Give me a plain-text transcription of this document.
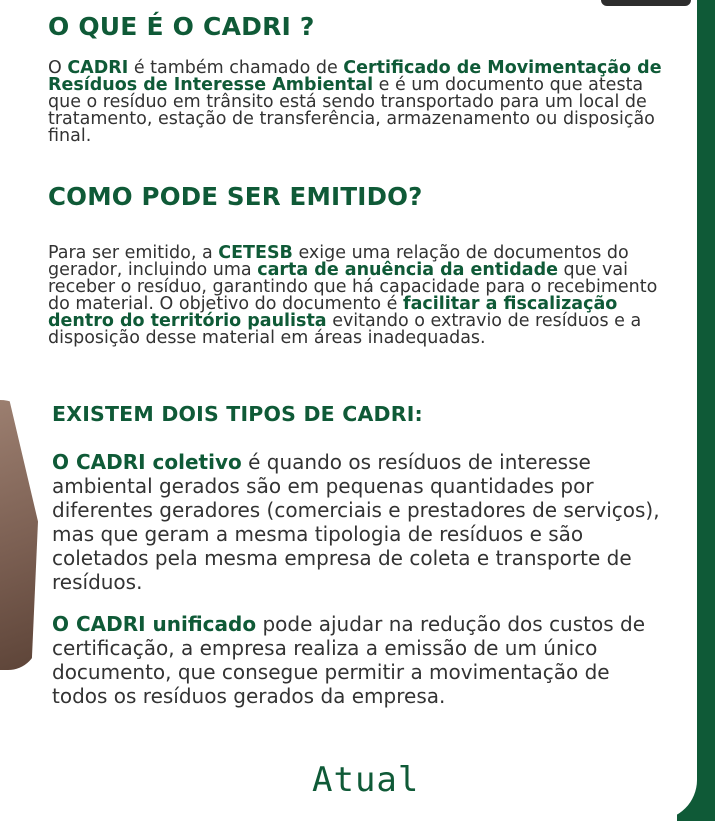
O QUE É O CADRI ?

O CADRI é também chamado de Certificado de Movimentação de Resíduos de Interesse Ambiental e é um documento que atesta que o resíduo em trânsito está sendo transportado para um local de tratamento, estação de transferência, armazenamento ou disposição final.

COMO PODE SER EMITIDO?

Para ser emitido, a CETESB exige uma relação de documentos do gerador, incluindo uma carta de anuência da entidade que vai receber o resíduo, garantindo que há capacidade para o recebimento do material. O objetivo do documento é facilitar a fiscalização dentro do território paulista evitando o extravio de resíduos e a disposição desse material em áreas inadequadas.

EXISTEM DOIS TIPOS DE CADRI:

O CADRI coletivo é quando os resíduos de interesse ambiental gerados são em pequenas quantidades por diferentes geradores (comerciais e prestadores de serviços), mas que geram a mesma tipologia de resíduos e são coletados pela mesma empresa de coleta e transporte de resíduos.

O CADRI unificado pode ajudar na redução dos custos de certificação, a empresa realiza a emissão de um único documento, que consegue permitir a movimentação de todos os resíduos gerados da empresa.

Atual
